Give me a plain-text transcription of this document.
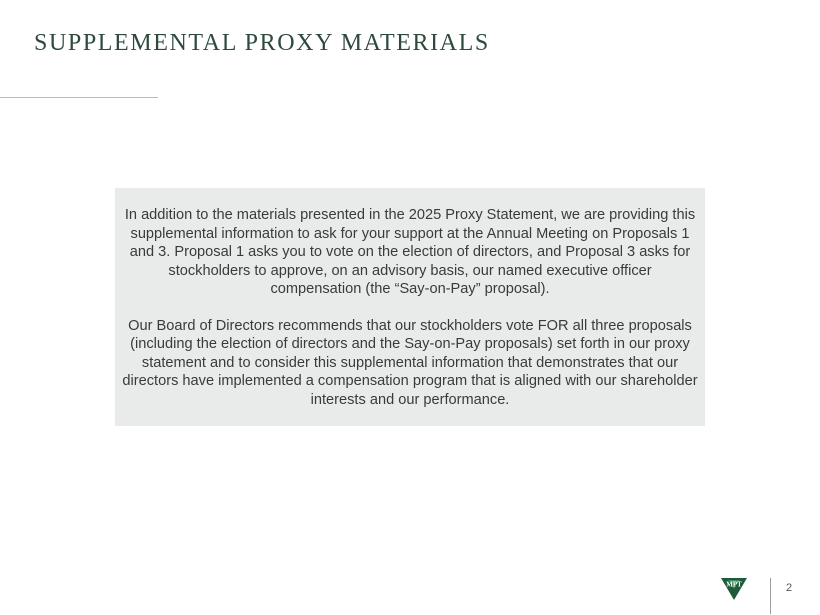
SUPPLEMENTAL PROXY MATERIALS

In addition to the materials presented in the 2025 Proxy Statement, we are providing this supplemental information to ask for your support at the Annual Meeting on Proposals 1 and 3. Proposal 1 asks you to vote on the election of directors, and Proposal 3 asks for stockholders to approve, on an advisory basis, our named executive officer compensation (the “Say-on-Pay” proposal).

Our Board of Directors recommends that our stockholders vote FOR all three proposals (including the election of directors and the Say-on-Pay proposals) set forth in our proxy statement and to consider this supplemental information that demonstrates that our directors have implemented a compensation program that is aligned with our shareholder interests and our performance.

MPT	2
